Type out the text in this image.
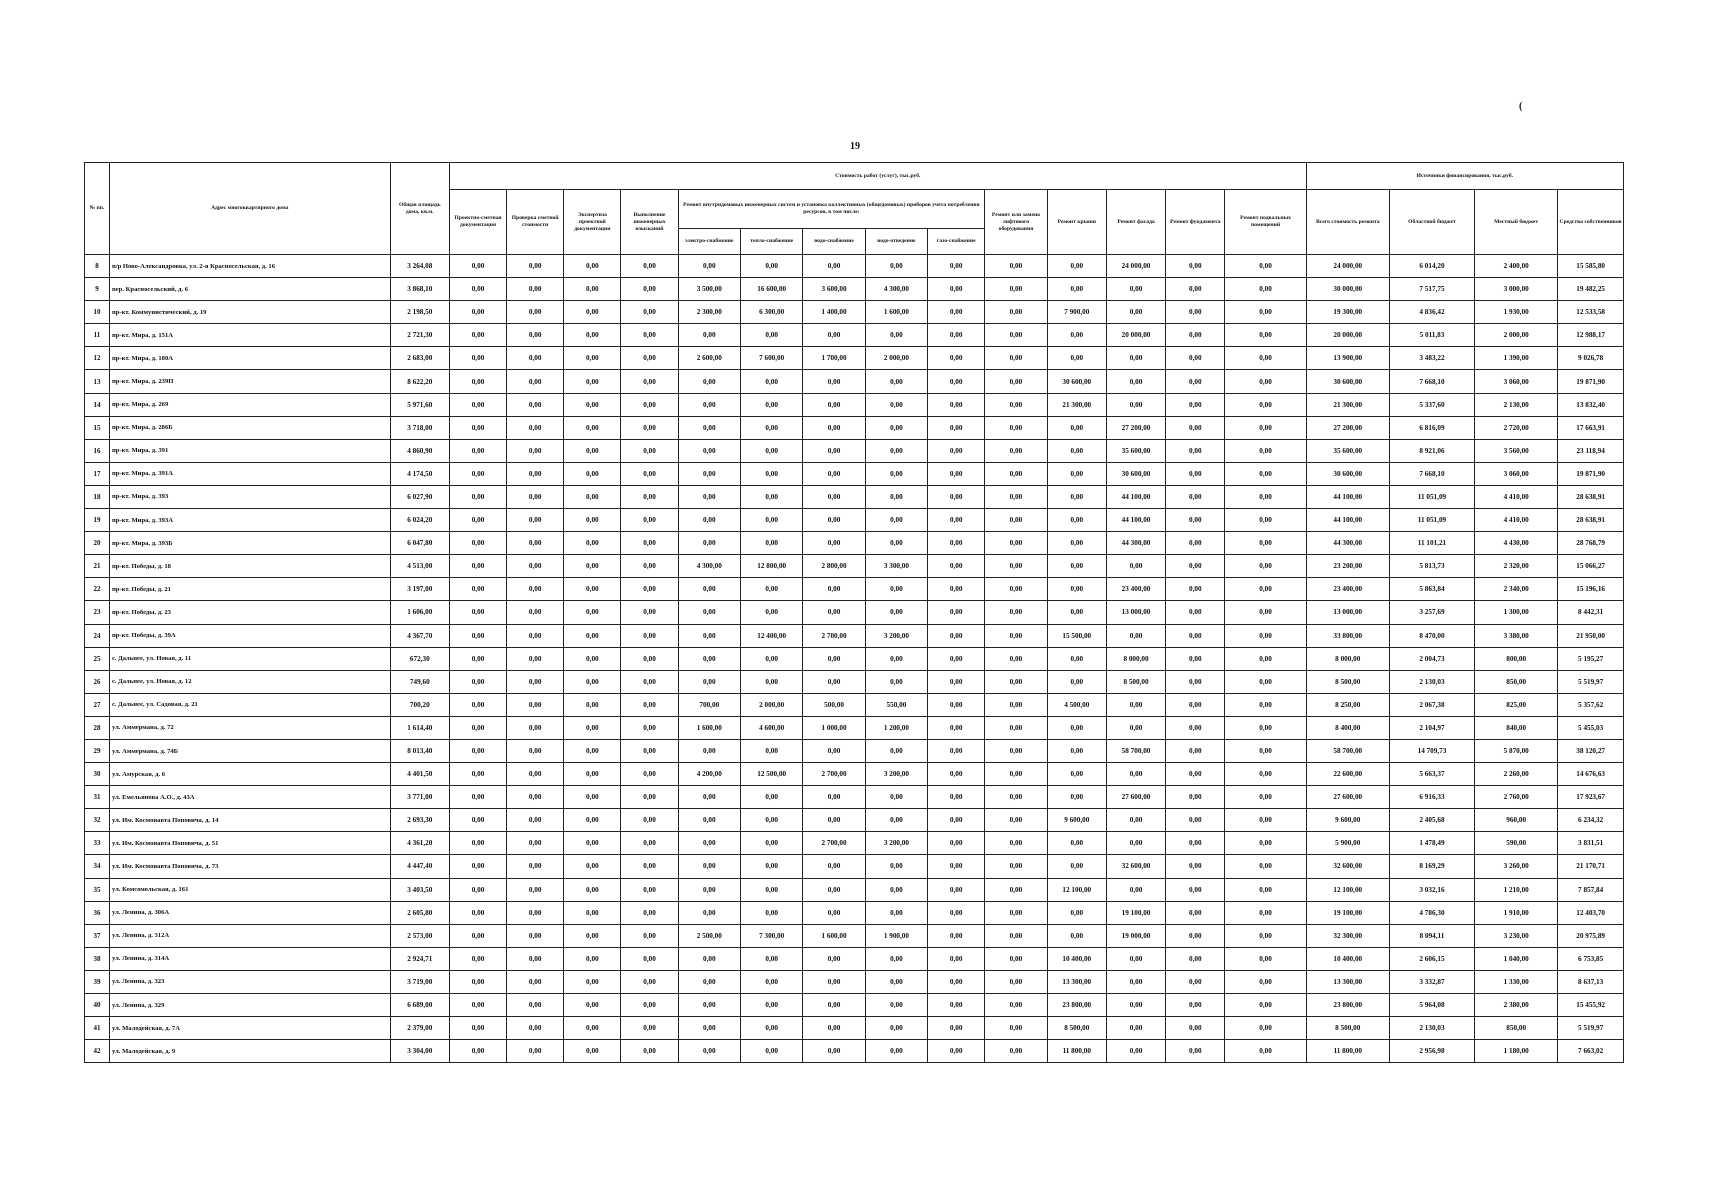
19
(
№ пп.	Адрес многоквартирного дома	Общая площадь дома, кв.м.	Стоимость работ (услуг), тыс.руб.														Источники финансирования, тыс.руб.			
			Проектно-сметная документация	Проверка сметной стоимости	Экспертиза проектной документации	Выполнение инженерных изысканий	Ремонт внутридомовых инженерных систем и установка коллективных (общедомовых) приборов учета потребления ресурсов, в том числе:					Ремонт или замена лифтового оборудования	Ремонт крыши	Ремонт фасада	Ремонт фундамента	Ремонт подвальных помещений	Всего стоимость ремонта	Областной бюджет	Местный бюджет	Средства собственников
							электро-снабжение	тепло-снабжение	водо-снабжение	водо-отведение	газо-снабжение									
8	п/р Ново-Александровка, ул. 2-я Красносельская, д. 16	3 264,08	0,00	0,00	0,00	0,00	0,00	0,00	0,00	0,00	0,00	0,00	0,00	24 000,00	0,00	0,00	24 000,00	6 014,20	2 400,00	15 585,80
9	пер. Красносельский, д. 6	3 868,10	0,00	0,00	0,00	0,00	3 500,00	16 600,00	3 600,00	4 300,00	0,00	0,00	0,00	0,00	0,00	0,00	30 000,00	7 517,75	3 000,00	19 482,25
10	пр-кт. Коммунистический, д. 19	2 198,50	0,00	0,00	0,00	0,00	2 300,00	6 300,00	1 400,00	1 600,00	0,00	0,00	7 900,00	0,00	0,00	0,00	19 300,00	4 836,42	1 930,00	12 533,58
11	пр-кт. Мира, д. 151А	2 721,30	0,00	0,00	0,00	0,00	0,00	0,00	0,00	0,00	0,00	0,00	0,00	20 000,00	0,00	0,00	20 000,00	5 011,83	2 000,00	12 988,17
12	пр-кт. Мира, д. 180А	2 683,00	0,00	0,00	0,00	0,00	2 600,00	7 600,00	1 700,00	2 000,00	0,00	0,00	0,00	0,00	0,00	0,00	13 900,00	3 483,22	1 390,00	9 026,78
13	пр-кт. Мира, д. 239П	8 622,20	0,00	0,00	0,00	0,00	0,00	0,00	0,00	0,00	0,00	0,00	30 600,00	0,00	0,00	0,00	30 600,00	7 668,10	3 060,00	19 871,90
14	пр-кт. Мира, д. 269	5 971,60	0,00	0,00	0,00	0,00	0,00	0,00	0,00	0,00	0,00	0,00	21 300,00	0,00	0,00	0,00	21 300,00	5 337,60	2 130,00	13 832,40
15	пр-кт. Мира, д. 286Б	3 718,00	0,00	0,00	0,00	0,00	0,00	0,00	0,00	0,00	0,00	0,00	0,00	27 200,00	0,00	0,00	27 200,00	6 816,09	2 720,00	17 663,91
16	пр-кт. Мира, д. 391	4 860,90	0,00	0,00	0,00	0,00	0,00	0,00	0,00	0,00	0,00	0,00	0,00	35 600,00	0,00	0,00	35 600,00	8 921,06	3 560,00	23 118,94
17	пр-кт. Мира, д. 391А	4 174,50	0,00	0,00	0,00	0,00	0,00	0,00	0,00	0,00	0,00	0,00	0,00	30 600,00	0,00	0,00	30 600,00	7 668,10	3 060,00	19 871,90
18	пр-кт. Мира, д. 393	6 027,90	0,00	0,00	0,00	0,00	0,00	0,00	0,00	0,00	0,00	0,00	0,00	44 100,00	0,00	0,00	44 100,00	11 051,09	4 410,00	28 638,91
19	пр-кт. Мира, д. 393А	6 024,20	0,00	0,00	0,00	0,00	0,00	0,00	0,00	0,00	0,00	0,00	0,00	44 100,00	0,00	0,00	44 100,00	11 051,09	4 410,00	28 638,91
20	пр-кт. Мира, д. 393Б	6 047,80	0,00	0,00	0,00	0,00	0,00	0,00	0,00	0,00	0,00	0,00	0,00	44 300,00	0,00	0,00	44 300,00	11 101,21	4 430,00	28 768,79
21	пр-кт. Победы, д. 18	4 513,00	0,00	0,00	0,00	0,00	4 300,00	12 800,00	2 800,00	3 300,00	0,00	0,00	0,00	0,00	0,00	0,00	23 200,00	5 813,73	2 320,00	15 066,27
22	пр-кт. Победы, д. 21	3 197,00	0,00	0,00	0,00	0,00	0,00	0,00	0,00	0,00	0,00	0,00	0,00	23 400,00	0,00	0,00	23 400,00	5 863,84	2 340,00	15 196,16
23	пр-кт. Победы, д. 23	1 606,00	0,00	0,00	0,00	0,00	0,00	0,00	0,00	0,00	0,00	0,00	0,00	13 000,00	0,00	0,00	13 000,00	3 257,69	1 300,00	8 442,31
24	пр-кт. Победы, д. 39А	4 367,70	0,00	0,00	0,00	0,00	0,00	12 400,00	2 700,00	3 200,00	0,00	0,00	15 500,00	0,00	0,00	0,00	33 800,00	8 470,00	3 380,00	21 950,00
25	с. Дальнее, ул. Новая, д. 11	672,30	0,00	0,00	0,00	0,00	0,00	0,00	0,00	0,00	0,00	0,00	0,00	8 000,00	0,00	0,00	8 000,00	2 004,73	800,00	5 195,27
26	с. Дальнее, ул. Новая, д. 12	749,60	0,00	0,00	0,00	0,00	0,00	0,00	0,00	0,00	0,00	0,00	0,00	8 500,00	0,00	0,00	8 500,00	2 130,03	850,00	5 519,97
27	с. Дальнее, ул. Садовая, д. 21	700,20	0,00	0,00	0,00	0,00	700,00	2 000,00	500,00	550,00	0,00	0,00	4 500,00	0,00	0,00	0,00	8 250,00	2 067,38	825,00	5 357,62
28	ул. Аммермана, д. 72	1 614,40	0,00	0,00	0,00	0,00	1 600,00	4 600,00	1 000,00	1 200,00	0,00	0,00	0,00	0,00	0,00	0,00	8 400,00	2 104,97	840,00	5 455,03
29	ул. Аммермана, д. 74Б	8 013,40	0,00	0,00	0,00	0,00	0,00	0,00	0,00	0,00	0,00	0,00	0,00	58 700,00	0,00	0,00	58 700,00	14 709,73	5 870,00	38 120,27
30	ул. Амурская, д. 6	4 401,50	0,00	0,00	0,00	0,00	4 200,00	12 500,00	2 700,00	3 200,00	0,00	0,00	0,00	0,00	0,00	0,00	22 600,00	5 663,37	2 260,00	14 676,63
31	ул. Емельянова А.О., д. 43А	3 771,00	0,00	0,00	0,00	0,00	0,00	0,00	0,00	0,00	0,00	0,00	0,00	27 600,00	0,00	0,00	27 600,00	6 916,33	2 760,00	17 923,67
32	ул. Им. Космонавта Поповича, д. 14	2 693,30	0,00	0,00	0,00	0,00	0,00	0,00	0,00	0,00	0,00	0,00	9 600,00	0,00	0,00	0,00	9 600,00	2 405,68	960,00	6 234,32
33	ул. Им. Космонавта Поповича, д. 51	4 361,20	0,00	0,00	0,00	0,00	0,00	0,00	2 700,00	3 200,00	0,00	0,00	0,00	0,00	0,00	0,00	5 900,00	1 478,49	590,00	3 831,51
34	ул. Им. Космонавта Поповича, д. 73	4 447,40	0,00	0,00	0,00	0,00	0,00	0,00	0,00	0,00	0,00	0,00	0,00	32 600,00	0,00	0,00	32 600,00	8 169,29	3 260,00	21 170,71
35	ул. Комсомольская, д. 161	3 403,50	0,00	0,00	0,00	0,00	0,00	0,00	0,00	0,00	0,00	0,00	12 100,00	0,00	0,00	0,00	12 100,00	3 032,16	1 210,00	7 857,84
36	ул. Ленина, д. 306А	2 605,80	0,00	0,00	0,00	0,00	0,00	0,00	0,00	0,00	0,00	0,00	0,00	19 100,00	0,00	0,00	19 100,00	4 786,30	1 910,00	12 403,70
37	ул. Ленина, д. 312А	2 573,00	0,00	0,00	0,00	0,00	2 500,00	7 300,00	1 600,00	1 900,00	0,00	0,00	0,00	19 000,00	0,00	0,00	32 300,00	8 094,11	3 230,00	20 975,89
38	ул. Ленина, д. 314А	2 924,71	0,00	0,00	0,00	0,00	0,00	0,00	0,00	0,00	0,00	0,00	10 400,00	0,00	0,00	0,00	10 400,00	2 606,15	1 040,00	6 753,85
39	ул. Ленина, д. 323	3 719,00	0,00	0,00	0,00	0,00	0,00	0,00	0,00	0,00	0,00	0,00	13 300,00	0,00	0,00	0,00	13 300,00	3 332,87	1 330,00	8 637,13
40	ул. Ленина, д. 329	6 689,00	0,00	0,00	0,00	0,00	0,00	0,00	0,00	0,00	0,00	0,00	23 800,00	0,00	0,00	0,00	23 800,00	5 964,08	2 380,00	15 455,92
41	ул. Малодейская, д. 7А	2 379,00	0,00	0,00	0,00	0,00	0,00	0,00	0,00	0,00	0,00	0,00	8 500,00	0,00	0,00	0,00	8 500,00	2 130,03	850,00	5 519,97
42	ул. Малодейская, д. 9	3 304,00	0,00	0,00	0,00	0,00	0,00	0,00	0,00	0,00	0,00	0,00	11 800,00	0,00	0,00	0,00	11 800,00	2 956,98	1 180,00	7 663,02
